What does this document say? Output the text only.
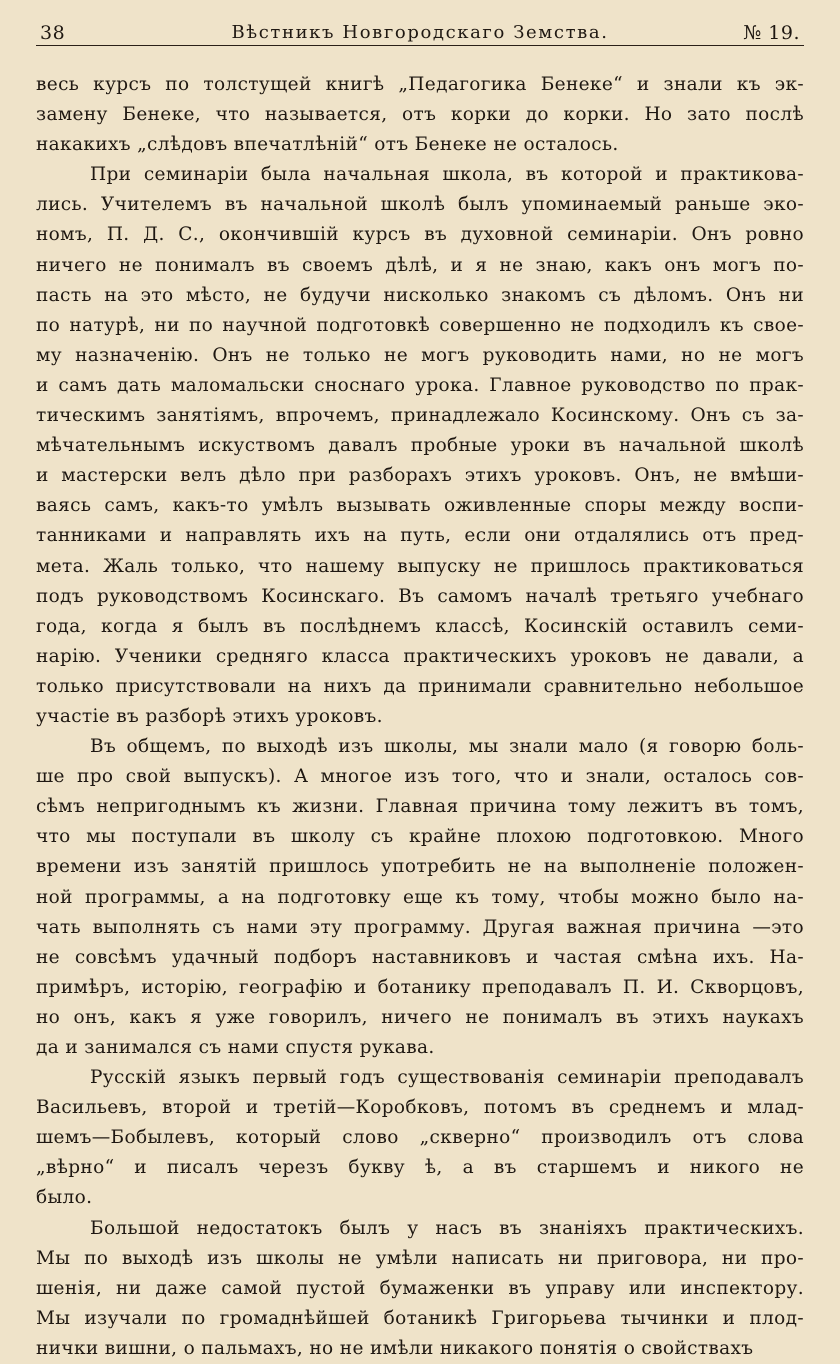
38	Вѣстникъ Новгородскаго Земства.	№ 19.
весь курсъ по толстущей книгѣ „Педагогика Бенеке“ и знали къ эк-
замену Бенеке, что называется, отъ корки до корки. Но зато послѣ
накакихъ „слѣдовъ впечатлѣній“ отъ Бенеке не осталось.
При семинаріи была начальная школа, въ которой и практикова-
лись. Учителемъ въ начальной школѣ былъ упоминаемый раньше эко-
номъ, П. Д. С., окончившій курсъ въ духовной семинаріи. Онъ ровно
ничего не понималъ въ своемъ дѣлѣ, и я не знаю, какъ онъ могъ по-
пасть на это мѣсто, не будучи нисколько знакомъ съ дѣломъ. Онъ ни
по натурѣ, ни по научной подготовкѣ совершенно не подходилъ къ свое-
му назначенію. Онъ не только не могъ руководить нами, но не могъ
и самъ дать маломальски сноснаго урока. Главное руководство по прак-
тическимъ занятіямъ, впрочемъ, принадлежало Косинскому. Онъ съ за-
мѣчательнымъ искуствомъ давалъ пробные уроки въ начальной школѣ
и мастерски велъ дѣло при разборахъ этихъ уроковъ. Онъ, не вмѣши-
ваясь самъ, какъ-то умѣлъ вызывать оживленные споры между воспи-
танниками и направлять ихъ на путь, если они отдалялись отъ пред-
мета. Жаль только, что нашему выпуску не пришлось практиковаться
подъ руководствомъ Косинскаго. Въ самомъ началѣ третьяго учебнаго
года, когда я былъ въ послѣднемъ классѣ, Косинскій оставилъ семи-
нарію. Ученики средняго класса практическихъ уроковъ не давали, а
только присутствовали на нихъ да принимали сравнительно небольшое
участіе въ разборѣ этихъ уроковъ.
Въ общемъ, по выходѣ изъ школы, мы знали мало (я говорю боль-
ше про свой выпускъ). А многое изъ того, что и знали, осталось сов-
сѣмъ непригоднымъ къ жизни. Главная причина тому лежитъ въ томъ,
что мы поступали въ школу съ крайне плохою подготовкою. Много
времени изъ занятій пришлось употребить не на выполненіе положен-
ной программы, а на подготовку еще къ тому, чтобы можно было на-
чать выполнять съ нами эту программу. Другая важная причина —это
не совсѣмъ удачный подборъ наставниковъ и частая смѣна ихъ. На-
примѣръ, исторію, географію и ботанику преподавалъ П. И. Скворцовъ,
но онъ, какъ я уже говорилъ, ничего не понималъ въ этихъ наукахъ
да и занимался съ нами спустя рукава.
Русскій языкъ первый годъ существованія семинаріи преподавалъ
Васильевъ, второй и третій—Коробковъ, потомъ въ среднемъ и млад-
шемъ—Бобылевъ, который слово „скверно“ производилъ отъ слова
„вѣрно“ и писалъ черезъ букву ѣ, а въ старшемъ и никого не
было.
Большой недостатокъ былъ у насъ въ знаніяхъ практическихъ.
Мы по выходѣ изъ школы не умѣли написать ни приговора, ни про-
шенія, ни даже самой пустой бумаженки въ управу или инспектору.
Мы изучали по громаднѣйшей ботаникѣ Григорьева тычинки и плод-
нички вишни, о пальмахъ, но не имѣли никакого понятія о свойствахъ
